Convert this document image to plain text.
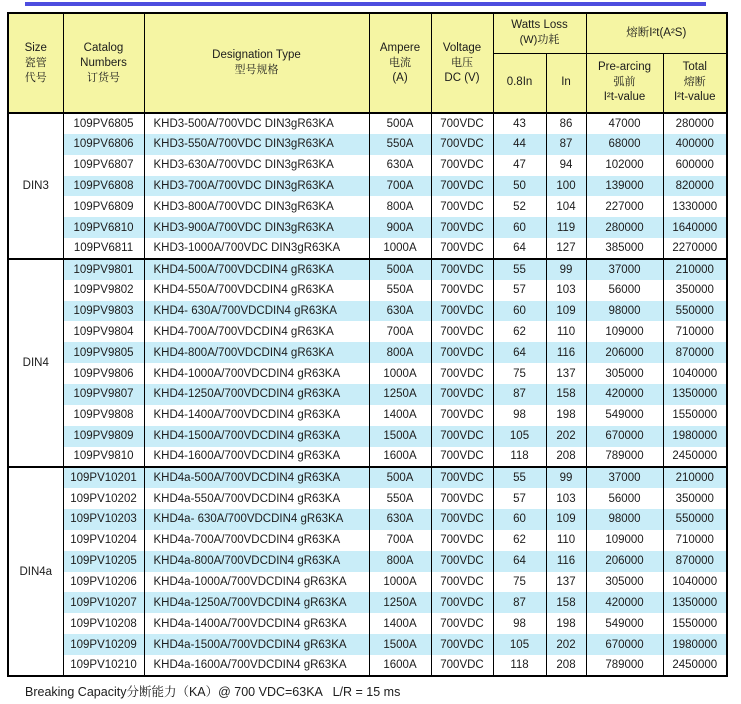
Size
瓷管
代号

Catalog
Numbers
订货号

Designation Type
型号规格

Ampere
电流
(A)

Voltage
电压
DC (V)

Watts Loss
(W)功耗

熔断I²t(A²S)

0.8In	In

Pre-arcing
弧前
I²t-value

Total
熔断
I²t-value

DIN3	109PV6805	KHD3-500A/700VDC DIN3gR63KA	500A	700VDC	43	86	47000	280000
	109PV6806	KHD3-550A/700VDC DIN3gR63KA	550A	700VDC	44	87	68000	400000
	109PV6807	KHD3-630A/700VDC DIN3gR63KA	630A	700VDC	47	94	102000	600000
	109PV6808	KHD3-700A/700VDC DIN3gR63KA	700A	700VDC	50	100	139000	820000
	109PV6809	KHD3-800A/700VDC DIN3gR63KA	800A	700VDC	52	104	227000	1330000
	109PV6810	KHD3-900A/700VDC DIN3gR63KA	900A	700VDC	60	119	280000	1640000
	109PV6811	KHD3-1000A/700VDC DIN3gR63KA	1000A	700VDC	64	127	385000	2270000
DIN4	109PV9801	KHD4-500A/700VDCDIN4 gR63KA	500A	700VDC	55	99	37000	210000
	109PV9802	KHD4-550A/700VDCDIN4 gR63KA	550A	700VDC	57	103	56000	350000
	109PV9803	KHD4- 630A/700VDCDIN4 gR63KA	630A	700VDC	60	109	98000	550000
	109PV9804	KHD4-700A/700VDCDIN4 gR63KA	700A	700VDC	62	110	109000	710000
	109PV9805	KHD4-800A/700VDCDIN4 gR63KA	800A	700VDC	64	116	206000	870000
	109PV9806	KHD4-1000A/700VDCDIN4 gR63KA	1000A	700VDC	75	137	305000	1040000
	109PV9807	KHD4-1250A/700VDCDIN4 gR63KA	1250A	700VDC	87	158	420000	1350000
	109PV9808	KHD4-1400A/700VDCDIN4 gR63KA	1400A	700VDC	98	198	549000	1550000
	109PV9809	KHD4-1500A/700VDCDIN4 gR63KA	1500A	700VDC	105	202	670000	1980000
	109PV9810	KHD4-1600A/700VDCDIN4 gR63KA	1600A	700VDC	118	208	789000	2450000
DIN4a	109PV10201	KHD4a-500A/700VDCDIN4 gR63KA	500A	700VDC	55	99	37000	210000
	109PV10202	KHD4a-550A/700VDCDIN4 gR63KA	550A	700VDC	57	103	56000	350000
	109PV10203	KHD4a- 630A/700VDCDIN4 gR63KA	630A	700VDC	60	109	98000	550000
	109PV10204	KHD4a-700A/700VDCDIN4 gR63KA	700A	700VDC	62	110	109000	710000
	109PV10205	KHD4a-800A/700VDCDIN4 gR63KA	800A	700VDC	64	116	206000	870000
	109PV10206	KHD4a-1000A/700VDCDIN4 gR63KA	1000A	700VDC	75	137	305000	1040000
	109PV10207	KHD4a-1250A/700VDCDIN4 gR63KA	1250A	700VDC	87	158	420000	1350000
	109PV10208	KHD4a-1400A/700VDCDIN4 gR63KA	1400A	700VDC	98	198	549000	1550000
	109PV10209	KHD4a-1500A/700VDCDIN4 gR63KA	1500A	700VDC	105	202	670000	1980000
	109PV10210	KHD4a-1600A/700VDCDIN4 gR63KA	1600A	700VDC	118	208	789000	2450000
Breaking Capacity分断能力（KA）@ 700 VDC=63KA   L/R = 15 ms
